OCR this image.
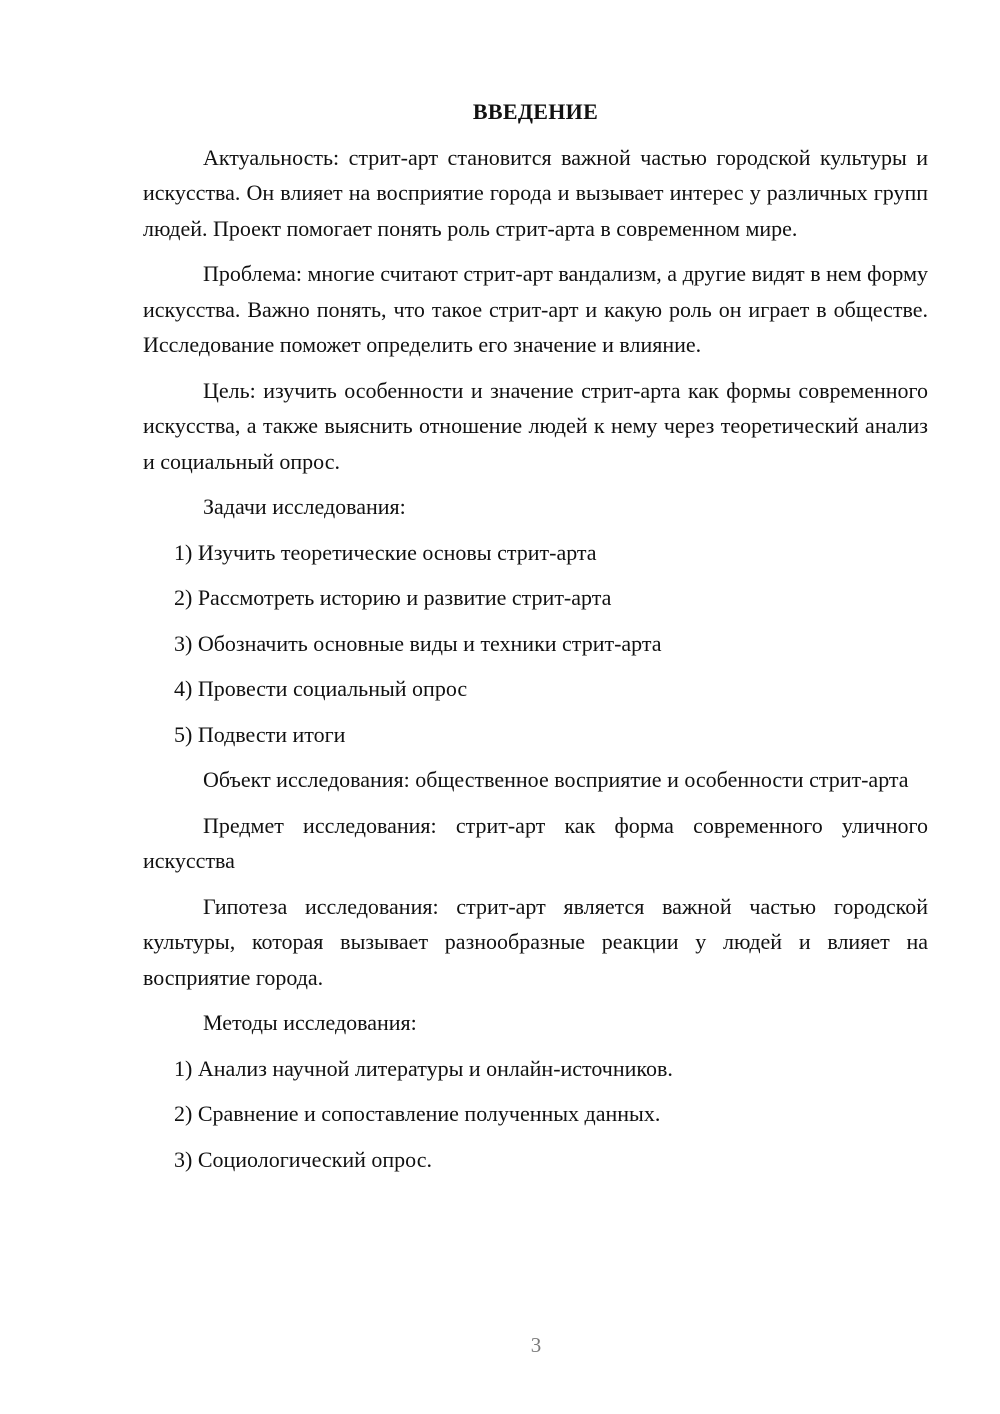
ВВЕДЕНИЕ

Актуальность: стрит-арт становится важной частью городской культуры и искусства. Он влияет на восприятие города и вызывает интерес у различных групп людей. Проект помогает понять роль стрит-арта в современном мире.

Проблема: многие считают стрит-арт вандализм, а другие видят в нем форму искусства. Важно понять, что такое стрит-арт и какую роль он играет в обществе. Исследование поможет определить его значение и влияние.

Цель: изучить особенности и значение стрит-арта как формы современного искусства, а также выяснить отношение людей к нему через теоретический анализ и социальный опрос.

Задачи исследования:

1) Изучить теоретические основы стрит-арта

2) Рассмотреть историю и развитие стрит-арта

3) Обозначить основные виды и техники стрит-арта

4) Провести социальный опрос

5) Подвести итоги

Объект исследования: общественное восприятие и особенности стрит-арта

Предмет исследования: стрит-арт как форма современного уличного искусства

Гипотеза исследования: стрит-арт является важной частью городской культуры, которая вызывает разнообразные реакции у людей и влияет на восприятие города.

Методы исследования:

1) Анализ научной литературы и онлайн-источников.

2) Сравнение и сопоставление полученных данных.

3) Социологический опрос.

3
